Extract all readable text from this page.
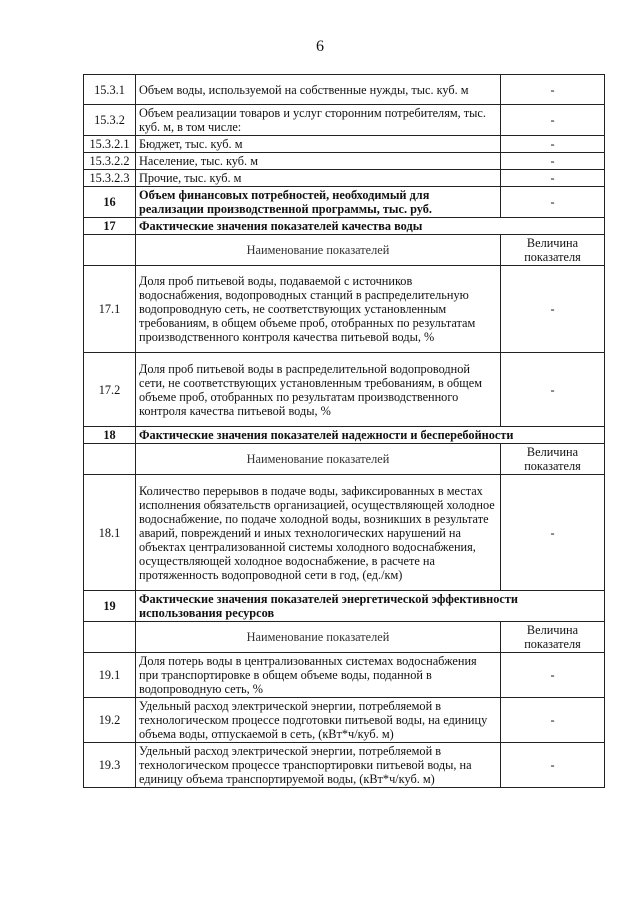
6
15.3.1	Объем воды, используемой на собственные нужды, тыс. куб. м	-
15.3.2	Объем реализации товаров и услуг сторонним потребителям, тыс. куб. м, в том числе:	-
15.3.2.1	Бюджет, тыс. куб. м	-
15.3.2.2	Население, тыс. куб. м	-
15.3.2.3	Прочие, тыс. куб. м	-
16	Объем финансовых потребностей, необходимый для реализации производственной программы, тыс. руб.	-
17	Фактические значения показателей качества воды	
	Наименование показателей	Величина показателя
17.1	Доля проб питьевой воды, подаваемой с источников водоснабжения, водопроводных станций в распределительную водопроводную сеть, не соответствующих установленным требованиям, в общем объеме проб, отобранных по результатам производственного контроля качества питьевой воды, %	-
17.2	Доля проб питьевой воды в распределительной водопроводной сети, не соответствующих установленным требованиям, в общем объеме проб, отобранных по результатам производственного контроля качества питьевой воды, %	-
18	Фактические значения показателей надежности и бесперебойности	
	Наименование показателей	Величина показателя
18.1	Количество перерывов в подаче воды, зафиксированных в местах исполнения обязательств организацией, осуществляющей холодное водоснабжение, по подаче холодной воды, возникших в результате аварий, повреждений и иных технологических нарушений на объектах централизованной системы холодного водоснабжения, осуществляющей холодное водоснабжение, в расчете на протяженность водопроводной сети в год, (ед./км)	-
19	Фактические значения показателей энергетической эффективности использования ресурсов	
	Наименование показателей	Величина показателя
19.1	Доля потерь воды в централизованных системах водоснабжения при транспортировке в общем объеме воды, поданной в водопроводную сеть, %	-
19.2	Удельный расход электрической энергии, потребляемой в технологическом процессе подготовки питьевой воды, на единицу объема воды, отпускаемой в сеть, (кВт*ч/куб. м)	-
19.3	Удельный расход электрической энергии, потребляемой в технологическом процессе транспортировки питьевой воды, на единицу объема транспортируемой воды, (кВт*ч/куб. м)	-
